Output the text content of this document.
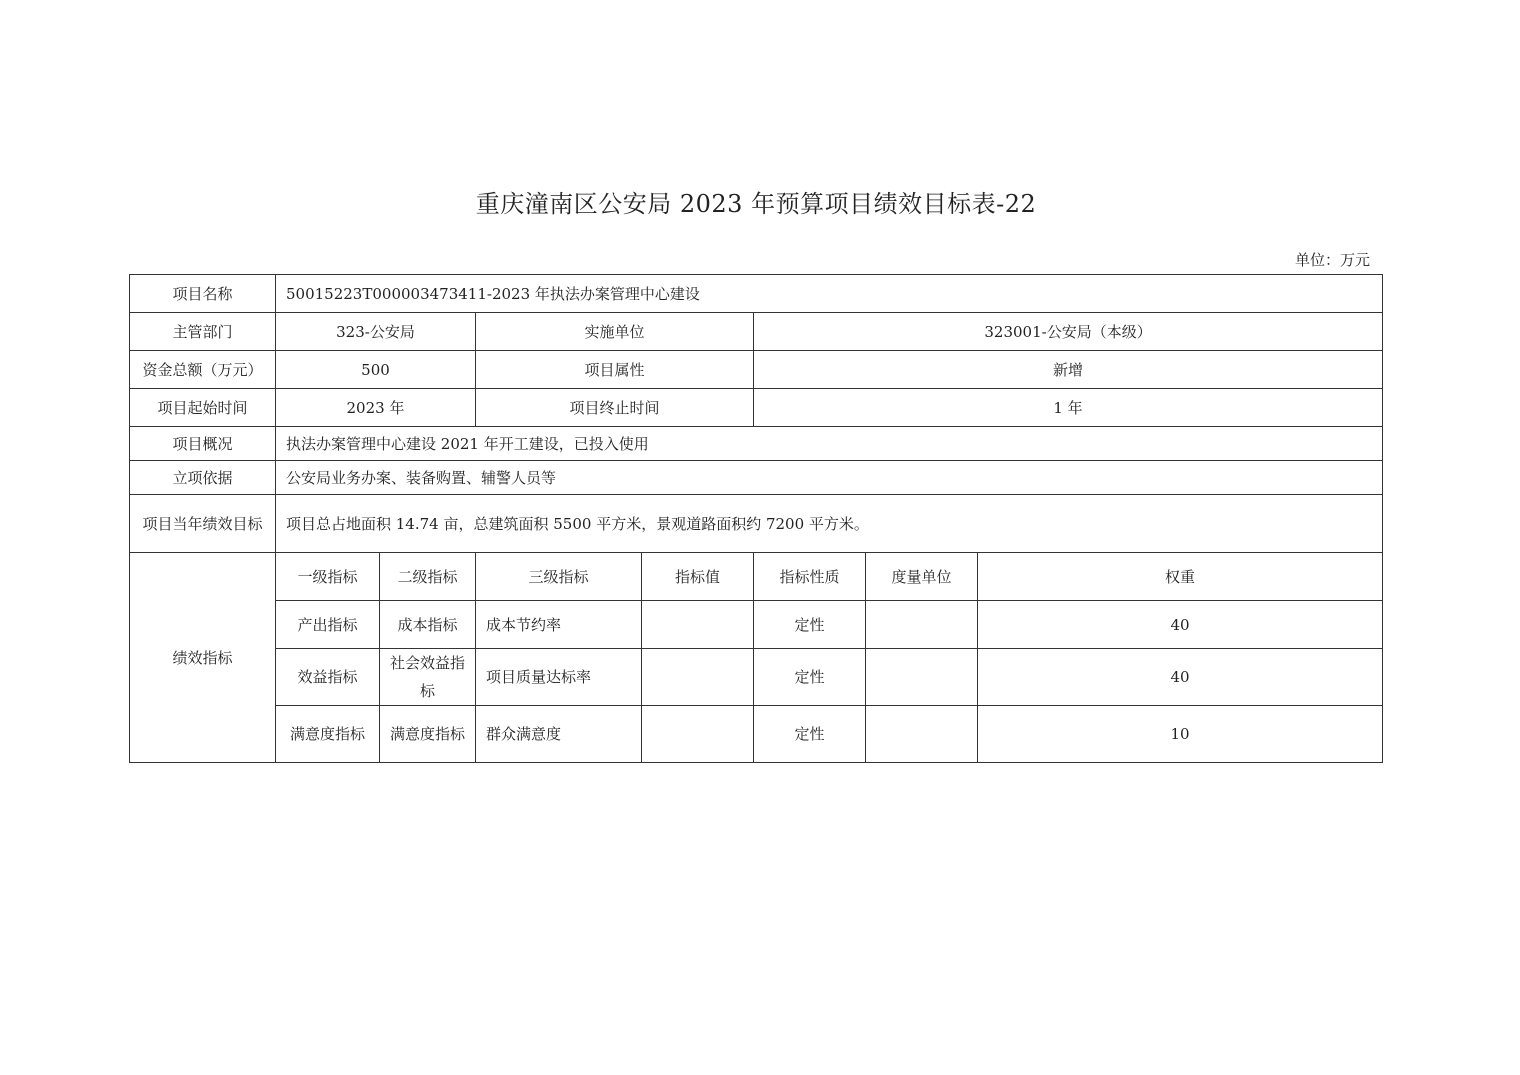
重庆潼南区公安局 2023 年预算项目绩效目标表-22
单位：万元
项目名称	50015223T000003473411-2023 年执法办案管理中心建设						
主管部门	323-公安局		实施单位		323001-公安局（本级）		
资金总额（万元）	500		项目属性		新增		
项目起始时间	2023 年		项目终止时间		1 年		
项目概况	执法办案管理中心建设 2021 年开工建设，已投入使用						
立项依据	公安局业务办案、装备购置、辅警人员等						
项目当年绩效目标	项目总占地面积 14.74 亩，总建筑面积 5500 平方米，景观道路面积约 7200 平方米。						
绩效指标	一级指标	二级指标	三级指标	指标值	指标性质	度量单位	权重
	产出指标	成本指标	成本节约率		定性		40
	效益指标	社会效益指标	项目质量达标率		定性		40
	满意度指标	满意度指标	群众满意度		定性		10
